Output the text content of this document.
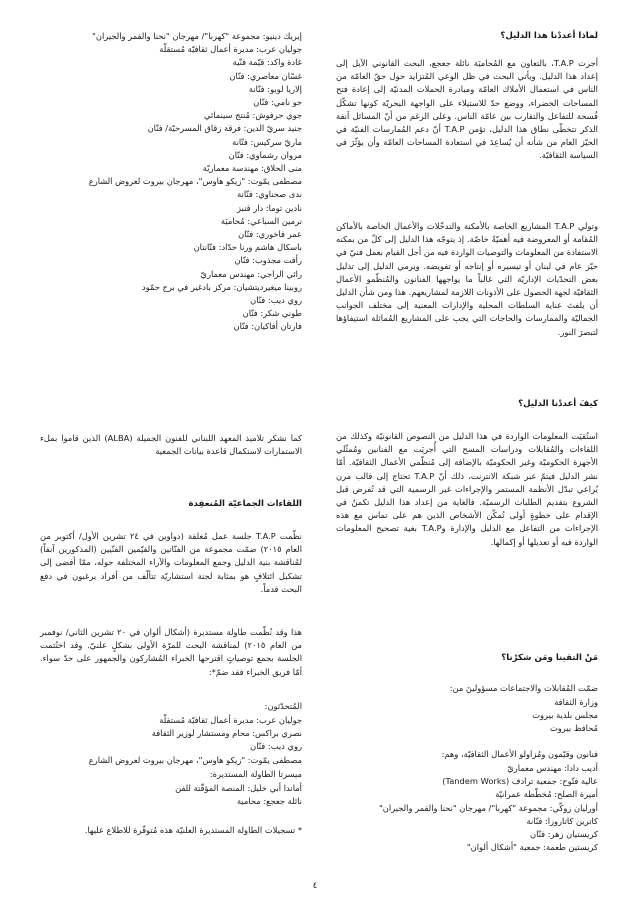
لماذا أعددْنا هذا الدليل؟
أجرت T.A.P، بالتعاون مع المُحاميَة نائلة جعجع، البحث القانوني الآيل إلى إعداد هذا الدليل. ويأتي البحث في ظل الوعي المُتزايد حول حقّ العامّة من الناس في استعمال الأملاك العامّة ومبادرة الحملات المدنيّة إلى إعادة فتح المساحات الخضراء، ووضع حدّ للاستيلاء على الواجهة البحريّة كونها تشكّل فُسحة للتفاعل والتقارب بين عامّة الناس. وعلى الرغم من أنّ المسائل آنفة الذكر تتخطّى نطاق هذا الدليل، تؤمن T.A.P أنّ دعم المُمارسات الفنيّة في الحيّز العام من شأنه أن يُساعِدَ في استعادة المساحات العامّة وأن يؤثّرَ في السياسة الثقافيّة.
وتولي T.A.P المشاريع الخاصة بالأمكنة والتدخّلات والأعمال الخاصة بالأماكن المُقامة أو المعروضة فيه أهميّةً خاصّة. إذ يتوجّه هذا الدليل إلى كلّ من بمكنه الاستفادة من المعلومات والتوصيات الواردة فيه من أجل القيام بعمل فنيّ في حيّز عام في لبنان أو تيسيره أو إنتاجه أو تفويضه. ويرمي الدليل إلى تذليل بعض التحدّيات الإداريّة التي غالباً ما يواجهها الفنانون والمُنظّمو الأعمال الثقافيّة لجهة الحصول على الأذونات اللازمة لمشاريعهم. هذا ومن شأن الدليل أن يلفتَ عناية السلطات المحلية والإدارات المعنية إلى مختلف الجوانب الجماليّة والممارسات والحاجات التي يجب على المشاريع المُماثلة استيفاؤها لتبصرَ النور.
كيفَ أعددْنا الدليل؟
استُقيَت المعلومات الواردة في هذا الدليل من النصوص القانونيّة وكذلك من اللقاءات والمُقابلات ودراسات المسح التي أُجريَت مع الفنانين ومُمثّلي الأجهزة الحكوميّة وغير الحكوميّة بالإضافة إلى مُنظّمي الأعمال الثقافيّة. أمّا نشر الدليل فيتمّ عبر شبكة الانترنت، ذلك أنّ T.A.P تحتاج إلى قالب مرن يُراعي تبدّل الأنظمة المستمر والإجراءات غير الرسمية التي قد تُفرض قبل الشروع بتقديم الطلبات الرسميّة. فالغاية من إعداد هذا الدليل تكمنُ في الإقدام على خطوةٍ أولى تُمكّن الأشخاص الذين هم على تماس مع هذه الإجراءات من التفاعل مع الدليل والإدارة وT.A.P بغية تصحيح المعلومات الواردة فيه أو تعديلها أو إكمالها.
مَنْ التقينا ومَن شكرْنا؟
ضمّت المُقابلات والاجتماعات مسؤولينَ من:
وزارة الثقافة
مجلس بلدية بيروت
مُحافظ بيروت
فنانون وقيّمون ومُزاولو الأعمال الثقافيّة، وهم:
أديب دادا: مهندس معماريّ
عالية فتّوح: جمعية ترادف (Tandem Works)
أميرة الصلح: مُخطّطة عمرانيّة
أورليان زوكّي: مجموعة "كهربا"/ مهرجان "نحنا والقمر والجيران"
كاترين كاتاروزا: فنّانة
كريستيان زهر: فنّان
كريستين طعمة: جمعية "أشكال ألوان"
إيريك دينيو: مجموعة "كهربا"/ مهرجان "نحنا والقمر والجيران"
جوليان عرب: مديرة أعمال ثقافيّة مُستقلّة
غادة واكد: قيّمة فنّية
غسّان معاصري: فنّان
إلاريا لوبو: فنّانة
جو نامي: فنّان
جوي حرفوش: مُنتج سينمائي
جنيد سريّ الدين: فرقة زقاق المسرحيّة/ فنّان
ماريّ سركيس: فنّانة
مروان رشماوي: فنّان
منى الحلاق: مهندسة معماريّة
مصطفى يمّوت: "زيكو هاوس"، مهرجان بيروت لعروض الشارع
ندى صحناوي: فنّانة
نادين توما: دار قنبز
نرمين السباعي: مُحاميَة
عمر فاخوري: فنّان
باسكال هاشم ورنا حدّاد: فنّانتان
رأفت مجذوب: فنّان
رائي الراجي: مهندس معماريّ
روبينا ميغيرديتشيان: مركز بادغير في برج حمّود
روي ديب: فنّان
طوني شكر: فنّان
فارتان أفاكيان: فنّان
كما نشكر تلاميذ المعهد اللبناني للفنون الجميلة (ALBA) الذين قاموا بملء الاستمارات لاستكمال قاعدة بيانات الجمعية
اللقاءات الجماعيّة المُنعقِدة
نظّمت T.A.P جلسة عمل مُغلقة (دواوين في ٢٤ تشرين الأول/ أكتوبر من العام ٢٠١٥) ضمّت مجموعة من الفنّانين والقيّمين الفنّيين (المذكورين آنفاً) لمُناقشة بنية الدليل وجمع المعلومات والآراء المختلفة حوله، ممّا أفضى إلى تشكيل ائتلافٍ هو بمثابة لجنة استشاريّة تتألّف من أفراد يرغبون في دفع البحث قدماً.
هذا وقد نُظّمت طاولة مستديرة (أشكال ألوان في ٢٠ تشرين الثاني/ نوفمبر من العام ٢٠١٥) لمناقشة البحث للمرّة الأولى بشكلٍ علنيّ. وقد اختُتمت الجلسة بجمع توصياتٍ اقترحها الخبراء المُشاركون والجمهور على حدّ سواء. أمّا فريق الخبراء فقد ضمّ*:
المُتحدّثون:
جوليان عرب: مديرة أعمال ثقافيّة مُستقلّة
نصري براكس: محام ومستشار لوزير الثقافة
روي ديب: فنّان
مصطفى يمّوت: "زيكو هاوس"، مهرجان بيروت لعروض الشارع
ميسرتا الطاولة المستديرة:
أماندا أبي خليل: المنصة المؤقّتة للفن
نائلة جعجع: محامية
* تسجيلات الطاولة المستديرة العلنيّة هذه مُتوفّرة للاطلاع عليها.
٤
